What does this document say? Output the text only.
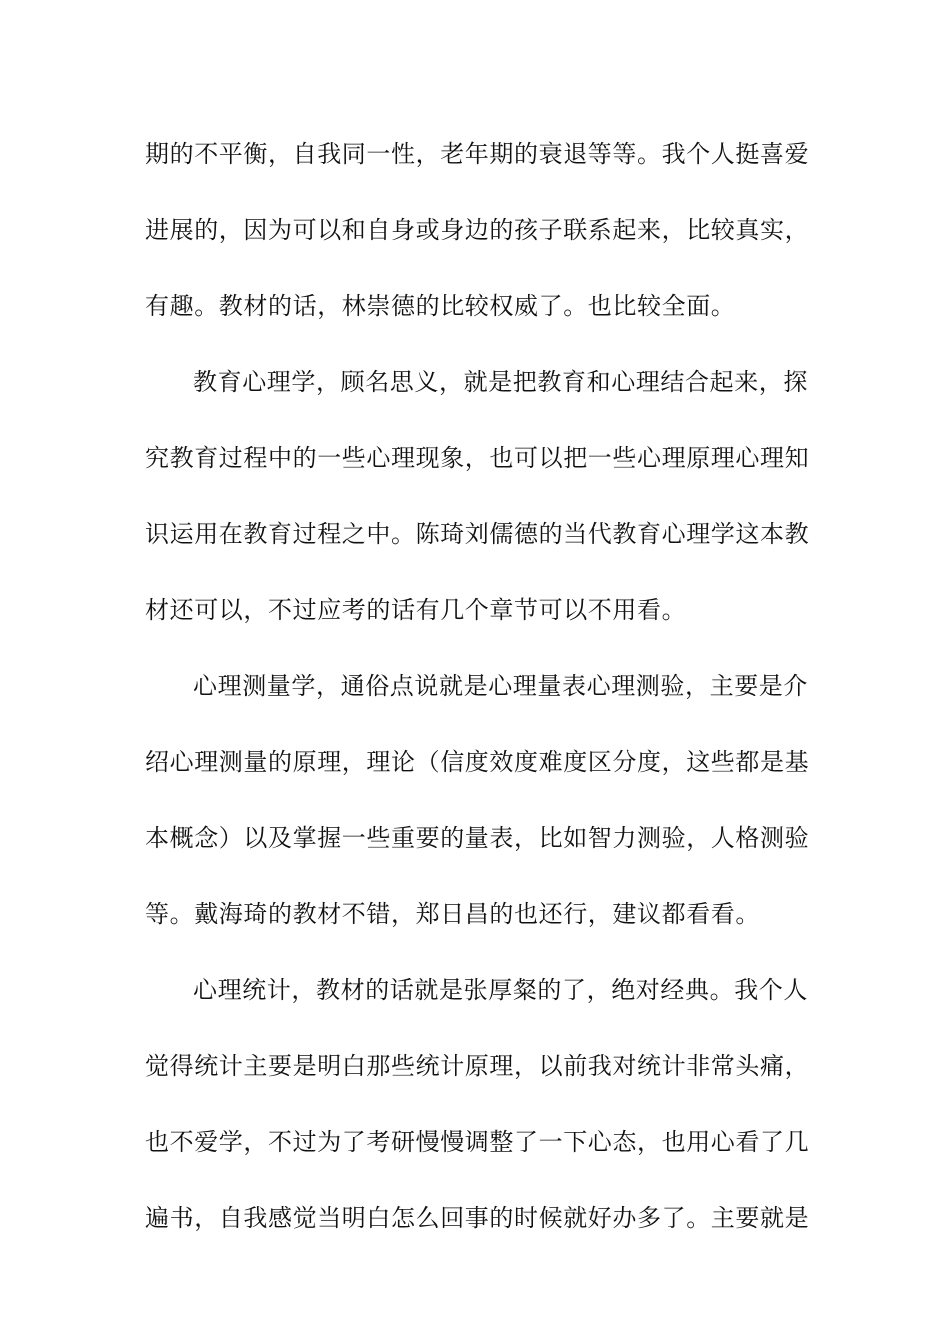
期的不平衡，自我同一性，老年期的衰退等等。我个人挺喜爱
进展的，因为可以和自身或身边的孩子联系起来，比较真实，
有趣。教材的话，林崇德的比较权威了。也比较全面。
教育心理学，顾名思义，就是把教育和心理结合起来，探
究教育过程中的一些心理现象，也可以把一些心理原理心理知
识运用在教育过程之中。陈琦刘儒德的当代教育心理学这本教
材还可以，不过应考的话有几个章节可以不用看。
心理测量学，通俗点说就是心理量表心理测验，主要是介
绍心理测量的原理，理论（信度效度难度区分度，这些都是基
本概念）以及掌握一些重要的量表，比如智力测验，人格测验
等。戴海琦的教材不错，郑日昌的也还行，建议都看看。
心理统计，教材的话就是张厚粲的了，绝对经典。我个人
觉得统计主要是明白那些统计原理，以前我对统计非常头痛，
也不爱学，不过为了考研慢慢调整了一下心态，也用心看了几
遍书，自我感觉当明白怎么回事的时候就好办多了。主要就是
